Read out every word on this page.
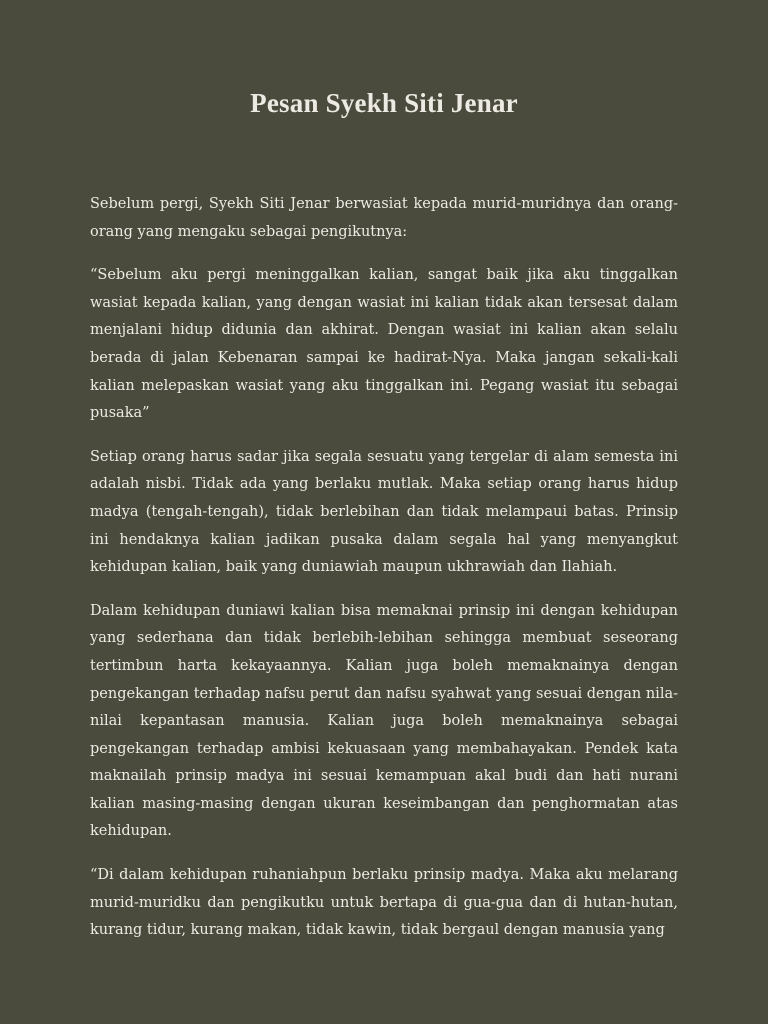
Pesan Syekh Siti Jenar

Sebelum pergi, Syekh Siti Jenar berwasiat kepada murid-muridnya dan orang-orang yang mengaku sebagai pengikutnya:

“Sebelum aku pergi meninggalkan kalian, sangat baik jika aku tinggalkan wasiat kepada kalian, yang dengan wasiat ini kalian tidak akan tersesat dalam menjalani hidup didunia dan akhirat. Dengan wasiat ini kalian akan selalu berada di jalan Kebenaran sampai ke hadirat-Nya. Maka jangan sekali-kali kalian melepaskan wasiat yang aku tinggalkan ini. Pegang wasiat itu sebagai pusaka”

Setiap orang harus sadar jika segala sesuatu yang tergelar di alam semesta ini adalah nisbi. Tidak ada yang berlaku mutlak. Maka setiap orang harus hidup madya (tengah-tengah), tidak berlebihan dan tidak melampaui batas. Prinsip ini hendaknya kalian jadikan pusaka dalam segala hal yang menyangkut kehidupan kalian, baik yang duniawiah maupun ukhrawiah dan Ilahiah.

Dalam kehidupan duniawi kalian bisa memaknai prinsip ini dengan kehidupan yang sederhana dan tidak berlebih-lebihan sehingga membuat seseorang tertimbun harta kekayaannya. Kalian juga boleh memaknainya dengan pengekangan terhadap nafsu perut dan nafsu syahwat yang sesuai dengan nila-nilai kepantasan manusia. Kalian juga boleh memaknainya sebagai pengekangan terhadap ambisi kekuasaan yang membahayakan. Pendek kata maknailah prinsip madya ini sesuai kemampuan akal budi dan hati nurani kalian masing-masing dengan ukuran keseimbangan dan penghormatan atas kehidupan.

“Di dalam kehidupan ruhaniahpun berlaku prinsip madya. Maka aku melarang murid-muridku dan pengikutku untuk bertapa di gua-gua dan di hutan-hutan, kurang tidur, kurang makan, tidak kawin, tidak bergaul dengan manusia yang
